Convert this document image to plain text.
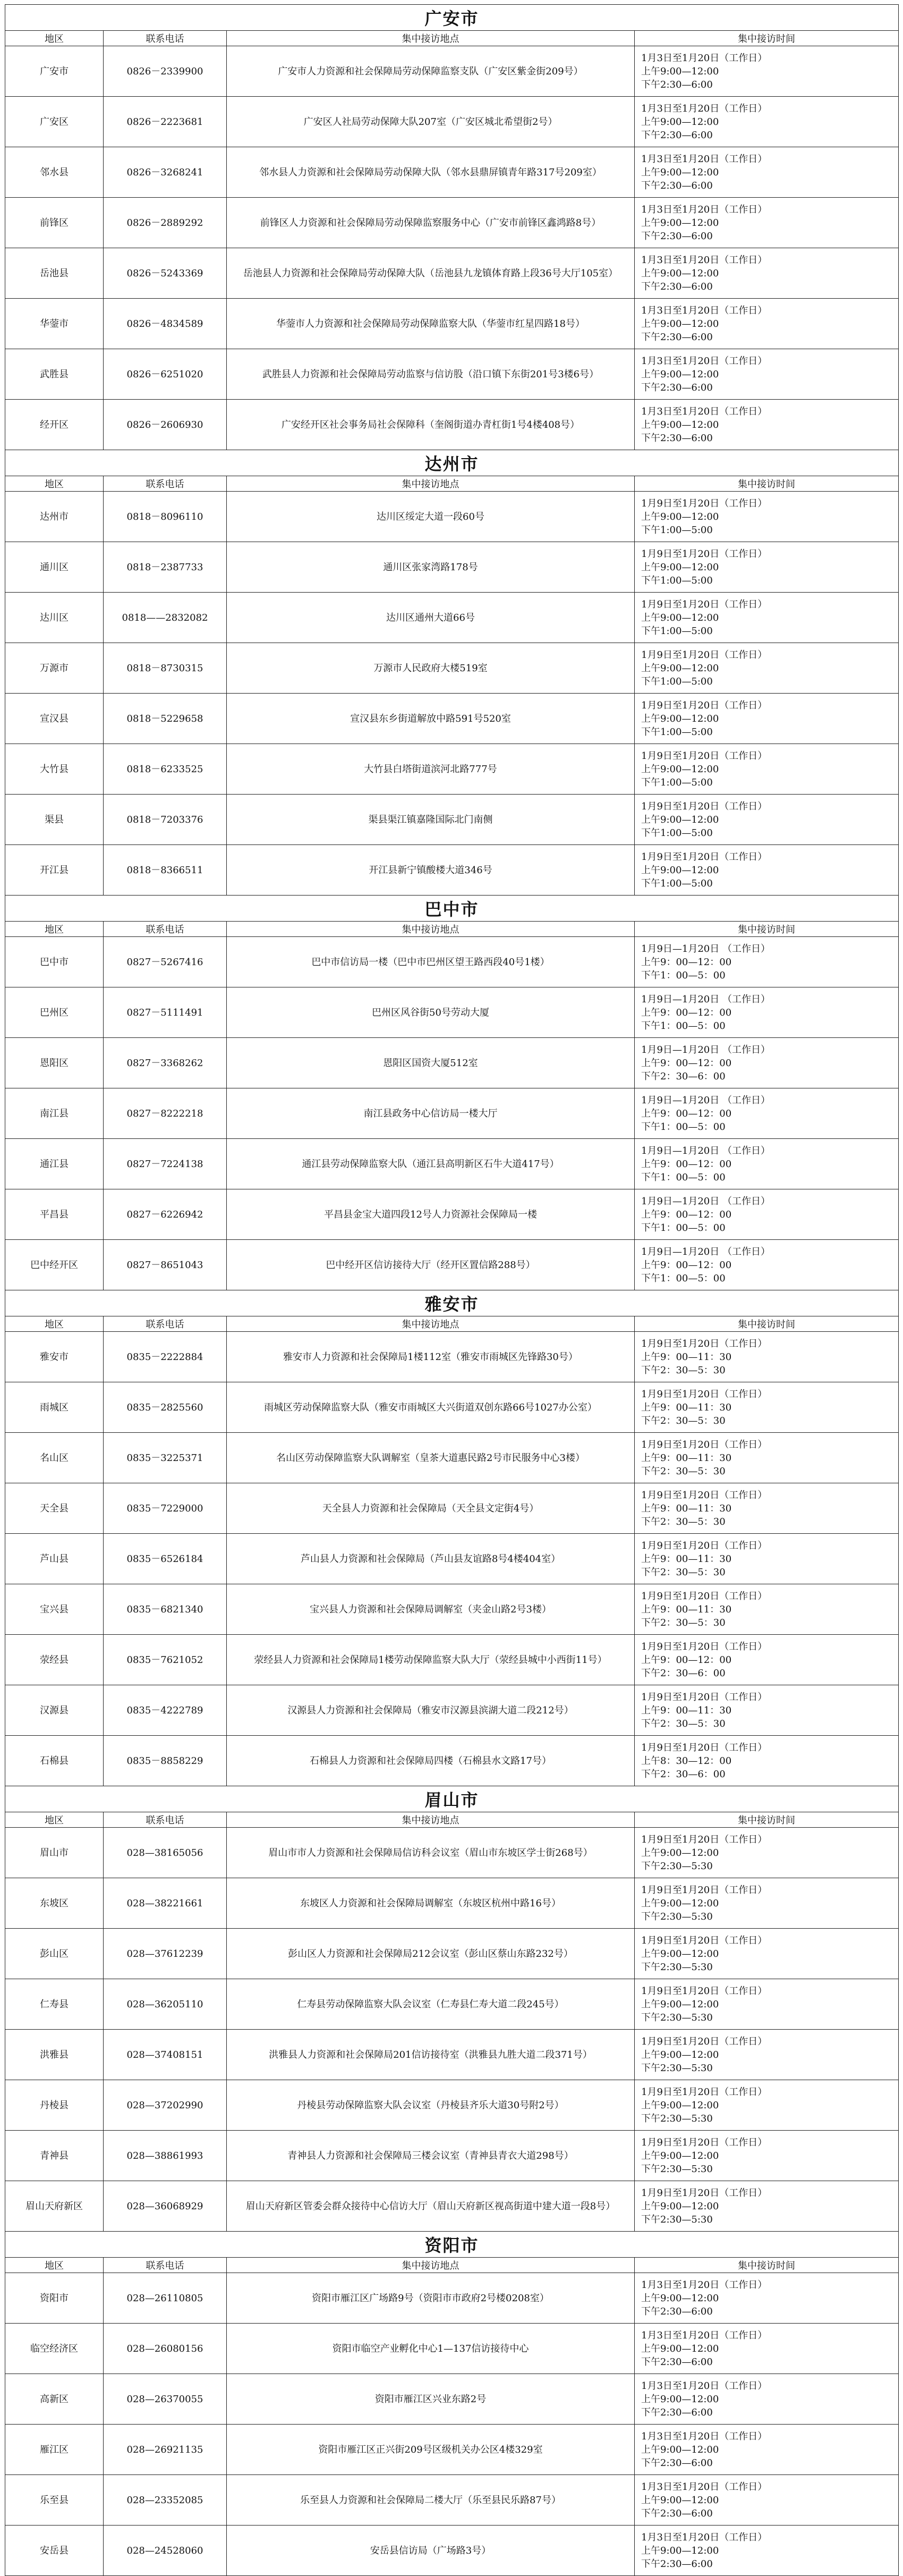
广安市			
地区	联系电话	集中接访地点	集中接访时间
广安市	0826－2339900	广安市人力资源和社会保障局劳动保障监察支队（广安区紫金街209号）	1月3日至1月20日（工作日）
上午9:00—12:00
下午2:30—6:00

广安区	0826－2223681	广安区人社局劳动保障大队207室（广安区城北希望街2号）	1月3日至1月20日（工作日）
上午9:00—12:00
下午2:30—6:00

邻水县	0826－3268241	邻水县人力资源和社会保障局劳动保障大队（邻水县鼎屏镇青年路317号209室）	1月3日至1月20日（工作日）
上午9:00—12:00
下午2:30—6:00

前锋区	0826－2889292	前锋区人力资源和社会保障局劳动保障监察服务中心（广安市前锋区鑫鸿路8号）	1月3日至1月20日（工作日）
上午9:00—12:00
下午2:30—6:00

岳池县	0826－5243369	岳池县人力资源和社会保障局劳动保障大队（岳池县九龙镇体育路上段36号大厅105室）	1月3日至1月20日（工作日）
上午9:00—12:00
下午2:30—6:00

华蓥市	0826－4834589	华蓥市人力资源和社会保障局劳动保障监察大队（华蓥市红星四路18号）	1月3日至1月20日（工作日）
上午9:00—12:00
下午2:30—6:00

武胜县	0826－6251020	武胜县人力资源和社会保障局劳动监察与信访股（沿口镇下东街201号3楼6号）	1月3日至1月20日（工作日）
上午9:00—12:00
下午2:30—6:00

经开区	0826－2606930	广安经开区社会事务局社会保障科（奎阁街道办青杠街1号4楼408号）	1月3日至1月20日（工作日）
上午9:00—12:00
下午2:30—6:00

达州市			
地区	联系电话	集中接访地点	集中接访时间
达州市	0818－8096110	达川区绥定大道一段60号	1月9日至1月20日（工作日）
上午9:00—12:00
下午1:00—5:00

通川区	0818－2387733	通川区张家湾路178号	1月9日至1月20日（工作日）
上午9:00—12:00
下午1:00—5:00

达川区	0818——2832082	达川区通州大道66号	1月9日至1月20日（工作日）
上午9:00—12:00
下午1:00—5:00

万源市	0818－8730315	万源市人民政府大楼519室	1月9日至1月20日（工作日）
上午9:00—12:00
下午1:00—5:00

宣汉县	0818－5229658	宣汉县东乡街道解放中路591号520室	1月9日至1月20日（工作日）
上午9:00—12:00
下午1:00—5:00

大竹县	0818－6233525	大竹县白塔街道滨河北路777号	1月9日至1月20日（工作日）
上午9:00—12:00
下午1:00—5:00

渠县	0818－7203376	渠县渠江镇嘉隆国际北门南侧	1月9日至1月20日（工作日）
上午9:00—12:00
下午1:00—5:00

开江县	0818－8366511	开江县新宁镇酸楼大道346号	1月9日至1月20日（工作日）
上午9:00—12:00
下午1:00—5:00

巴中市			
地区	联系电话	集中接访地点	集中接访时间
巴中市	0827－5267416	巴中市信访局一楼（巴中市巴州区望王路西段40号1楼）	1月9日—1月20日 （工作日）
上午9：00—12：00
下午1：00—5：00

巴州区	0827－5111491	巴州区风谷街50号劳动大厦	1月9日—1月20日 （工作日）
上午9：00—12：00
下午1：00—5：00

恩阳区	0827－3368262	恩阳区国资大厦512室	1月9日—1月20日 （工作日）
上午9：00—12：00
下午2：30—6：00

南江县	0827－8222218	南江县政务中心信访局一楼大厅	1月9日—1月20日 （工作日）
上午9：00—12：00
下午1：00—5：00

通江县	0827－7224138	通江县劳动保障监察大队（通江县高明新区石牛大道417号）	1月9日—1月20日 （工作日）
上午9：00—12：00
下午1：00—5：00

平昌县	0827－6226942	平昌县金宝大道四段12号人力资源社会保障局一楼	1月9日—1月20日 （工作日）
上午9：00—12：00
下午1：00—5：00

巴中经开区	0827－8651043	巴中经开区信访接待大厅（经开区置信路288号）	1月9日—1月20日 （工作日）
上午9：00—12：00
下午1：00—5：00

雅安市			
地区	联系电话	集中接访地点	集中接访时间
雅安市	0835－2222884	雅安市人力资源和社会保障局1楼112室（雅安市雨城区先锋路30号）	1月9日至1月20日（工作日）
上午9：00—11：30
下午2：30—5：30

雨城区	0835－2825560	雨城区劳动保障监察大队（雅安市雨城区大兴街道双创东路66号1027办公室）	1月9日至1月20日（工作日）
上午9：00—11：30
下午2：30—5：30

名山区	0835－3225371	名山区劳动保障监察大队调解室（皇茶大道惠民路2号市民服务中心3楼）	1月9日至1月20日（工作日）
上午9：00—11：30
下午2：30—5：30

天全县	0835－7229000	天全县人力资源和社会保障局（天全县文定街4号）	1月9日至1月20日（工作日）
上午9：00—11：30
下午2：30—5：30

芦山县	0835－6526184	芦山县人力资源和社会保障局（芦山县友谊路8号4楼404室）	1月9日至1月20日（工作日）
上午9：00—11：30
下午2：30—5：30

宝兴县	0835－6821340	宝兴县人力资源和社会保障局调解室（夹金山路2号3楼）	1月9日至1月20日（工作日）
上午9：00—11：30
下午2：30—5：30

荥经县	0835－7621052	荥经县人力资源和社会保障局1楼劳动保障监察大队大厅（荥经县城中小西街11号）	1月9日至1月20日（工作日）
上午9：00—12：00
下午2：30—6：00

汉源县	0835－4222789	汉源县人力资源和社会保障局（雅安市汉源县滨湖大道二段212号）	1月9日至1月20日（工作日）
上午9：00—11：30
下午2：30—5：30

石棉县	0835－8858229	石棉县人力资源和社会保障局四楼（石棉县水文路17号）	1月9日至1月20日（工作日）
上午8：30—12：00
下午2：30—6：00

眉山市			
地区	联系电话	集中接访地点	集中接访时间
眉山市	028—38165056	眉山市市人力资源和社会保障局信访科会议室（眉山市东坡区学士街268号）	1月9日至1月20日（工作日）
上午9:00—12:00
下午2:30—5:30

东坡区	028—38221661	东坡区人力资源和社会保障局调解室（东坡区杭州中路16号）	1月9日至1月20日（工作日）
上午9:00—12:00
下午2:30—5:30

彭山区	028—37612239	彭山区人力资源和社会保障局212会议室（彭山区蔡山东路232号）	1月9日至1月20日（工作日）
上午9:00—12:00
下午2:30—5:30

仁寿县	028—36205110	仁寿县劳动保障监察大队会议室（仁寿县仁寿大道二段245号）	1月9日至1月20日（工作日）
上午9:00—12:00
下午2:30—5:30

洪雅县	028—37408151	洪雅县人力资源和社会保障局201信访接待室（洪雅县九胜大道二段371号）	1月9日至1月20日（工作日）
上午9:00—12:00
下午2:30—5:30

丹棱县	028—37202990	丹棱县劳动保障监察大队会议室（丹棱县齐乐大道30号附2号）	1月9日至1月20日（工作日）
上午9:00—12:00
下午2:30—5:30

青神县	028—38861993	青神县人力资源和社会保障局三楼会议室（青神县青衣大道298号）	1月9日至1月20日（工作日）
上午9:00—12:00
下午2:30—5:30

眉山天府新区	028—36068929	眉山天府新区管委会群众接待中心信访大厅（眉山天府新区视高街道中建大道一段8号）	1月9日至1月20日（工作日）
上午9:00—12:00
下午2:30—5:30

资阳市			
地区	联系电话	集中接访地点	集中接访时间
资阳市	028—26110805	资阳市雁江区广场路9号（资阳市市政府2号楼0208室）	1月3日至1月20日（工作日）
上午9:00—12:00
下午2:30—6:00

临空经济区	028—26080156	资阳市临空产业孵化中心1—137信访接待中心	1月3日至1月20日（工作日）
上午9:00—12:00
下午2:30—6:00

高新区	028—26370055	资阳市雁江区兴业东路2号	1月3日至1月20日（工作日）
上午9:00—12:00
下午2:30—6:00

雁江区	028—26921135	资阳市雁江区正兴街209号区级机关办公区4楼329室	1月3日至1月20日（工作日）
上午9:00—12:00
下午2:30—6:00

乐至县	028—23352085	乐至县人力资源和社会保障局二楼大厅（乐至县民乐路87号）	1月3日至1月20日（工作日）
上午9:00—12:00
下午2:30—6:00

安岳县	028—24528060	安岳县信访局（广场路3号）	1月3日至1月20日（工作日）
上午9:00—12:00
下午2:30—6:00
